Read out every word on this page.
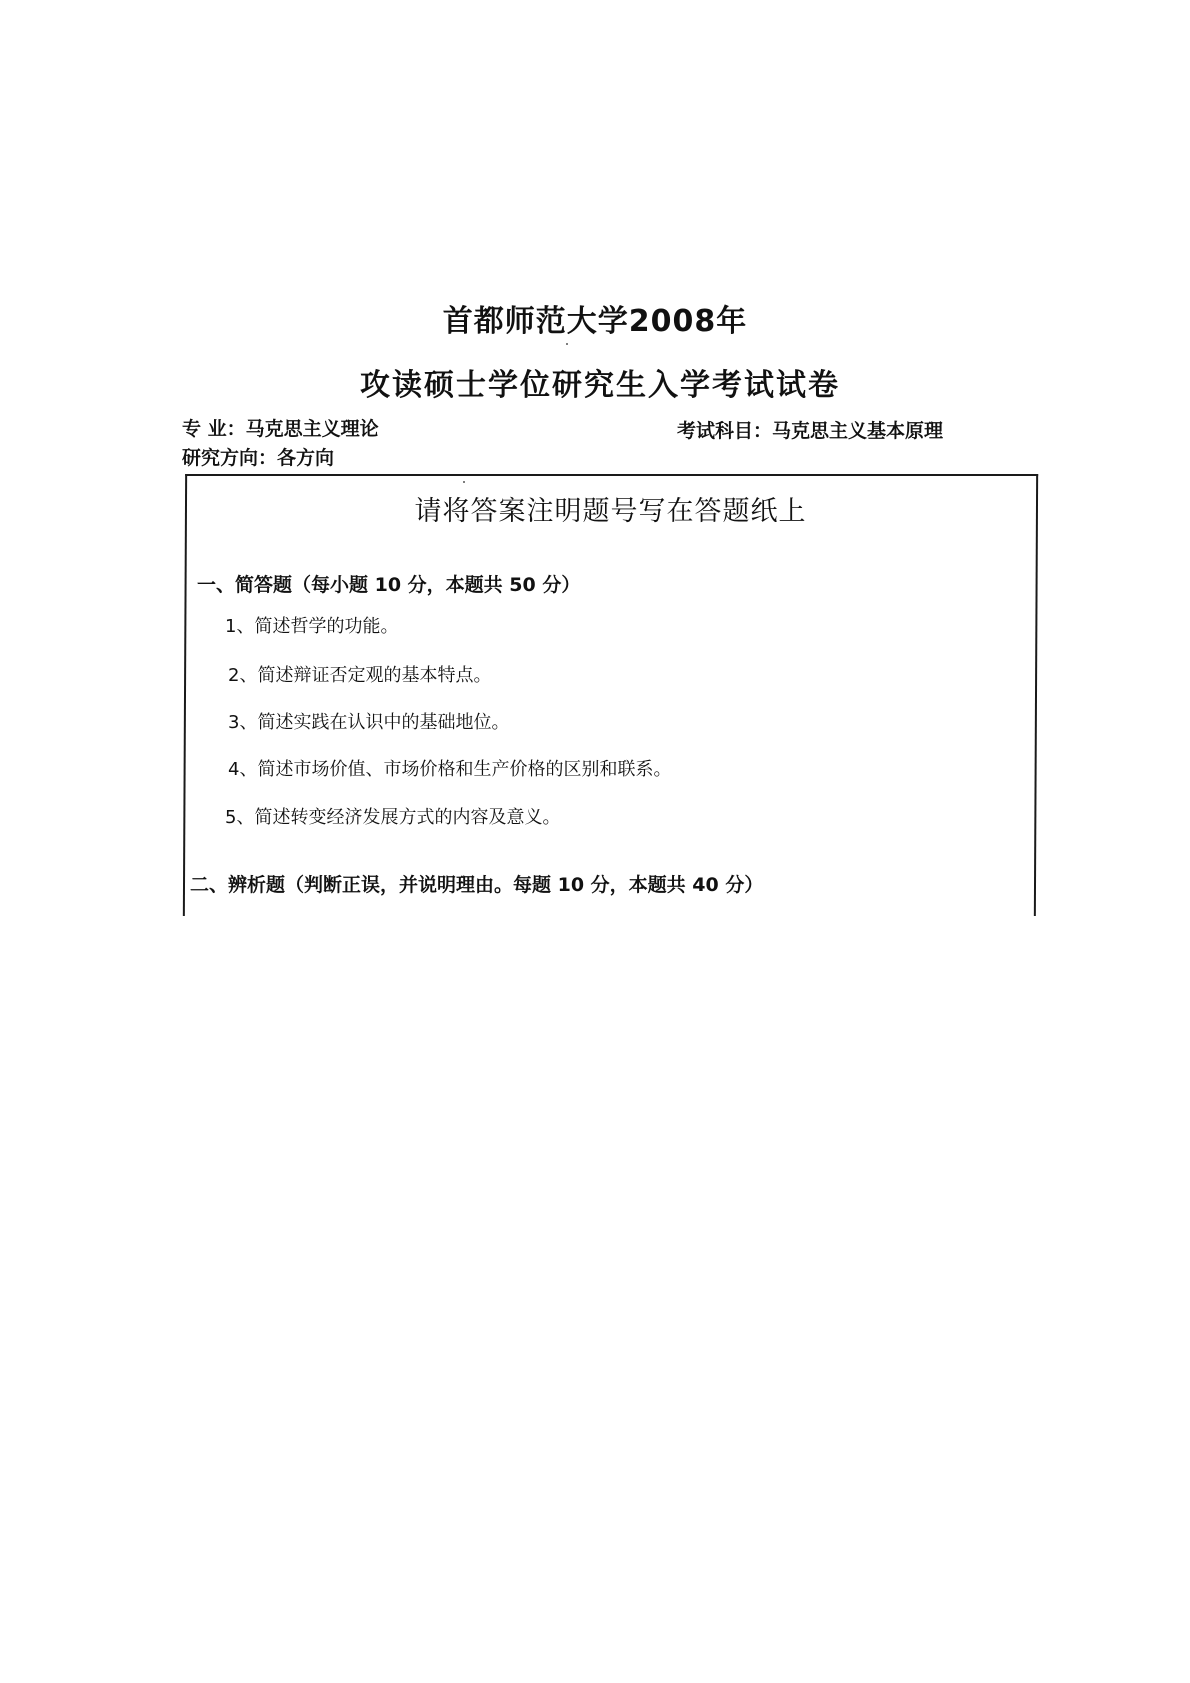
首都师范大学2008年
攻读硕士学位研究生入学考试试卷
专 业：马克思主义理论	考试科目：马克思主义基本原理
研究方向：各方向
请将答案注明题号写在答题纸上
一、简答题（每小题 10 分，本题共 50 分）
1、简述哲学的功能。
2、简述辩证否定观的基本特点。
3、简述实践在认识中的基础地位。
4、简述市场价值、市场价格和生产价格的区别和联系。
5、简述转变经济发展方式的内容及意义。
二、辨析题（判断正误，并说明理由。每题 10 分，本题共 40 分）
